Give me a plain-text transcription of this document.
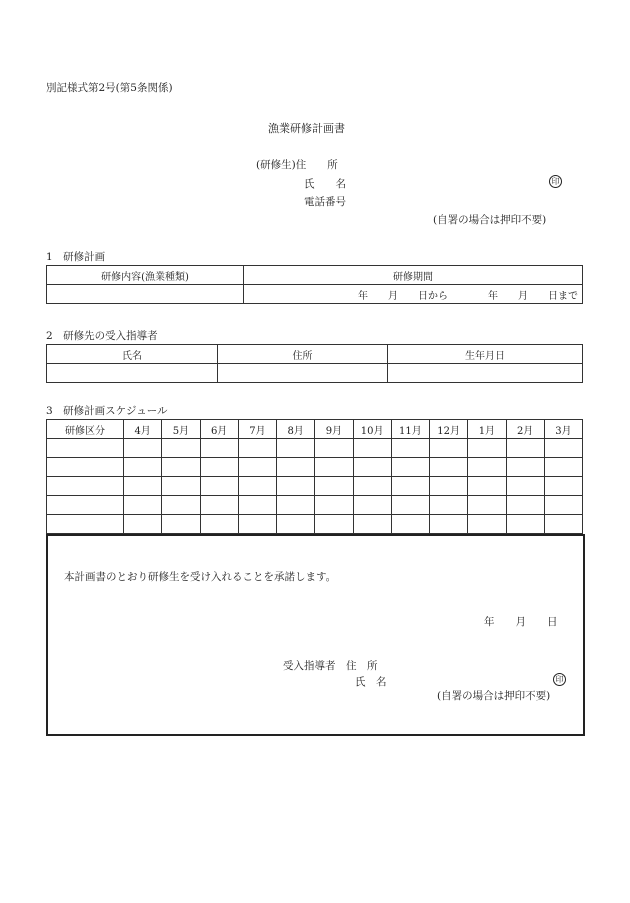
別記様式第2号(第5条関係)
漁業研修計画書
(研修生)住　　所
氏　　名	印
電話番号
(自署の場合は押印不要)
1　研修計画
研修内容(漁業種類)	研修期間
	年　　月　　日から　　　　年　　月　　日まで
2　研修先の受入指導者
氏名	住所	生年月日

3　研修計画スケジュール
研修区分	4月	5月	6月	7月	8月	9月	10月	11月	12月	1月	2月	3月

本計画書のとおり研修生を受け入れることを承諾します。
年　　月　　日
受入指導者　 住　所
氏　名	印
(自署の場合は押印不要)
